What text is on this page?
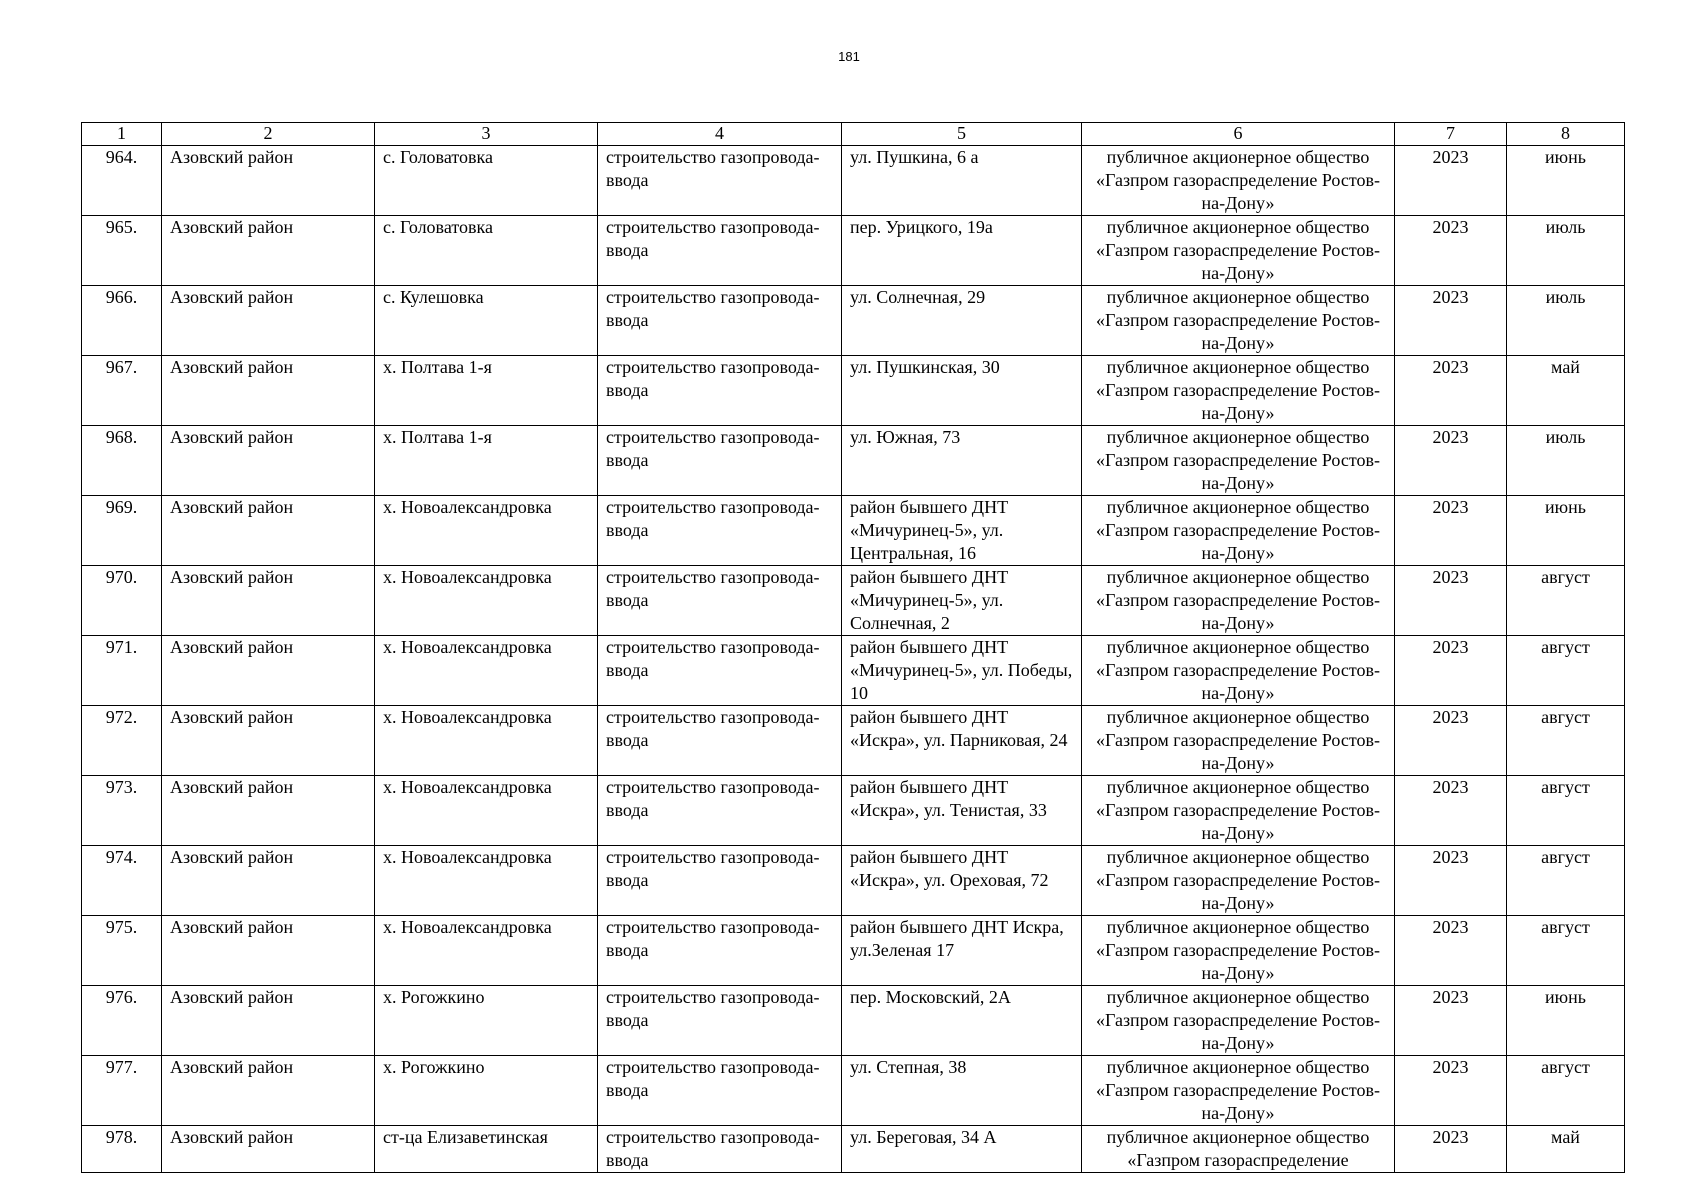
181
1	2	3	4	5	6	7	8
964.	Азовский район	с. Головатовка	строительство газопровода-ввода	ул. Пушкина, 6 а	публичное акционерное общество «Газпром газораспределение Ростов-на-Дону»	2023	июнь
965.	Азовский район	с. Головатовка	строительство газопровода-ввода	пер. Урицкого, 19а	публичное акционерное общество «Газпром газораспределение Ростов-на-Дону»	2023	июль
966.	Азовский район	с. Кулешовка	строительство газопровода-ввода	ул. Солнечная, 29	публичное акционерное общество «Газпром газораспределение Ростов-на-Дону»	2023	июль
967.	Азовский район	х. Полтава 1-я	строительство газопровода-ввода	ул. Пушкинская, 30	публичное акционерное общество «Газпром газораспределение Ростов-на-Дону»	2023	май
968.	Азовский район	х. Полтава 1-я	строительство газопровода-ввода	ул. Южная, 73	публичное акционерное общество «Газпром газораспределение Ростов-на-Дону»	2023	июль
969.	Азовский район	х. Новоалександровка	строительство газопровода-ввода	район бывшего ДНТ «Мичуринец-5», ул. Центральная, 16	публичное акционерное общество «Газпром газораспределение Ростов-на-Дону»	2023	июнь
970.	Азовский район	х. Новоалександровка	строительство газопровода-ввода	район бывшего ДНТ «Мичуринец-5», ул. Солнечная, 2	публичное акционерное общество «Газпром газораспределение Ростов-на-Дону»	2023	август
971.	Азовский район	х. Новоалександровка	строительство газопровода-ввода	район бывшего ДНТ «Мичуринец-5», ул. Победы, 10	публичное акционерное общество «Газпром газораспределение Ростов-на-Дону»	2023	август
972.	Азовский район	х. Новоалександровка	строительство газопровода-ввода	район бывшего ДНТ «Искра», ул. Парниковая, 24	публичное акционерное общество «Газпром газораспределение Ростов-на-Дону»	2023	август
973.	Азовский район	х. Новоалександровка	строительство газопровода-ввода	район бывшего ДНТ «Искра», ул. Тенистая, 33	публичное акционерное общество «Газпром газораспределение Ростов-на-Дону»	2023	август
974.	Азовский район	х. Новоалександровка	строительство газопровода-ввода	район бывшего ДНТ «Искра», ул. Ореховая, 72	публичное акционерное общество «Газпром газораспределение Ростов-на-Дону»	2023	август
975.	Азовский район	х. Новоалександровка	строительство газопровода-ввода	район бывшего ДНТ Искра, ул.Зеленая 17	публичное акционерное общество «Газпром газораспределение Ростов-на-Дону»	2023	август
976.	Азовский район	х. Рогожкино	строительство газопровода-ввода	пер. Московский, 2А	публичное акционерное общество «Газпром газораспределение Ростов-на-Дону»	2023	июнь
977.	Азовский район	х. Рогожкино	строительство газопровода-ввода	ул. Степная, 38	публичное акционерное общество «Газпром газораспределение Ростов-на-Дону»	2023	август
978.	Азовский район	ст-ца Елизаветинская	строительство газопровода-ввода	ул. Береговая, 34 А	публичное акционерное общество «Газпром газораспределение	2023	май
